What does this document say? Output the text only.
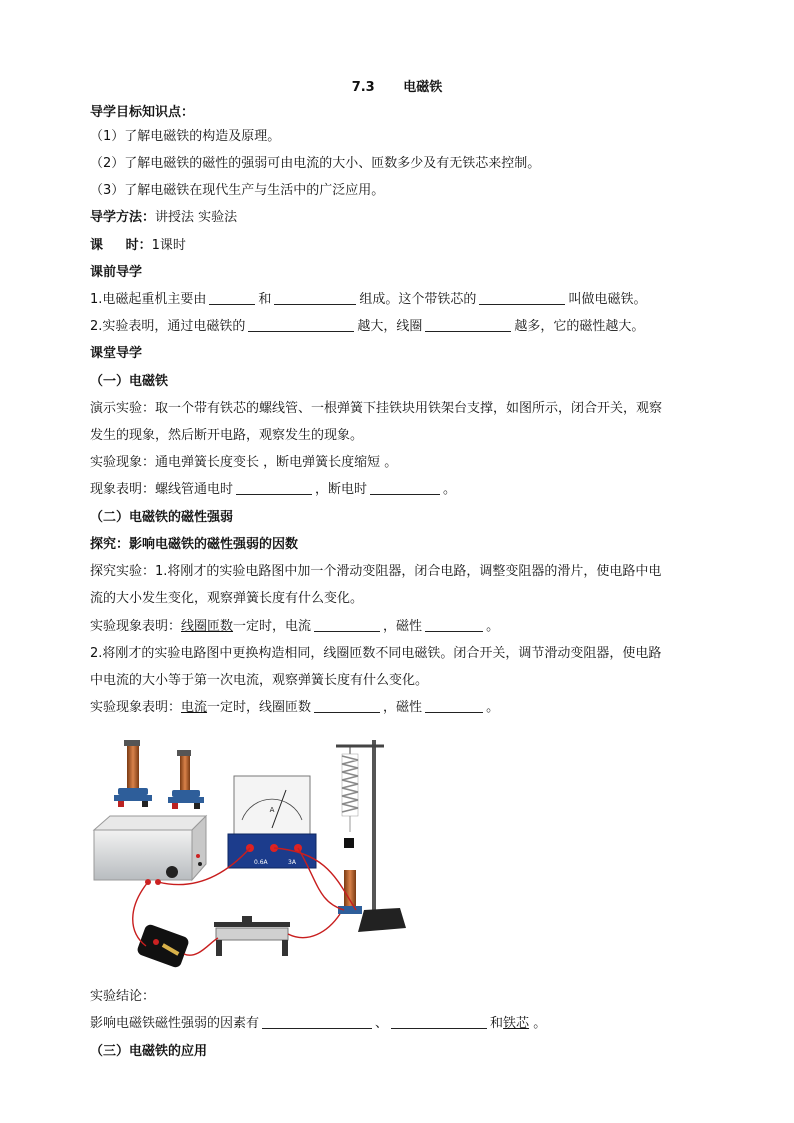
7.3 电磁铁
导学目标知识点：
（1）了解电磁铁的构造及原理。
（2）了解电磁铁的磁性的强弱可由电流的大小、匝数多少及有无铁芯来控制。
（3）了解电磁铁在现代生产与生活中的广泛应用。
导学方法：讲授法 实验法
课     时：1课时
课前导学
1.电磁起重机主要由	和	组成。这个带铁芯的	叫做电磁铁。
2.实验表明，通过电磁铁的	越大，线圈	越多，它的磁性越大。
课堂导学
（一）电磁铁
演示实验：取一个带有铁芯的螺线管、一根弹簧下挂铁块用铁架台支撑，如图所示，闭合开关，观察
发生的现象，然后断开电路，观察发生的现象。
实验现象：通电弹簧长度变长 ，断电弹簧长度缩短 。
现象表明：螺线管通电时	，断电时	。
（二）电磁铁的磁性强弱
探究：影响电磁铁的磁性强弱的因数
探究实验：1.将刚才的实验电路图中加一个滑动变阻器，闭合电路，调整变阻器的滑片，使电路中电
流的大小发生变化，观察弹簧长度有什么变化。
实验现象表明：线圈匝数一定时，电流	，磁性	。
2.将刚才的实验电路图中更换构造相同，线圈匝数不同电磁铁。闭合开关，调节滑动变阻器，使电路
中电流的大小等于第一次电流，观察弹簧长度有什么变化。
实验现象表明：电流一定时，线圈匝数	，磁性	。
A
0.6A	3A
实验结论：
影响电磁铁磁性强弱的因素有	、	和铁芯 。
（三）电磁铁的应用
